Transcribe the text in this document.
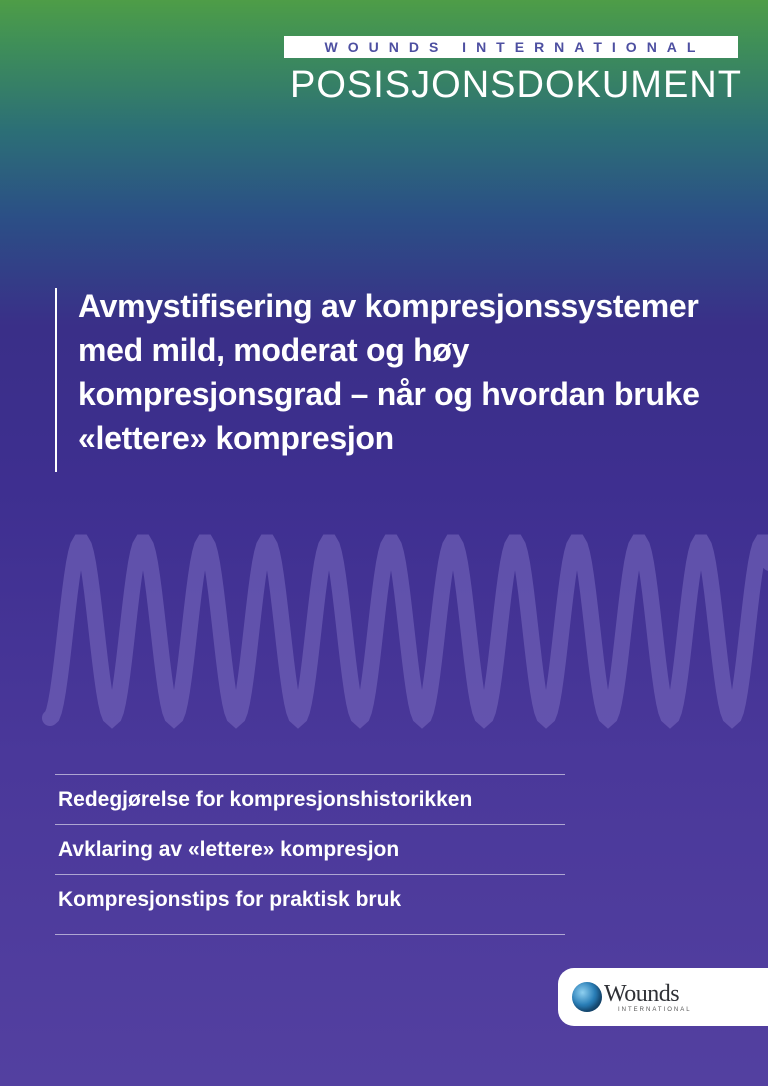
WOUNDS INTERNATIONAL
POSISJONSDOKUMENT
Avmystifisering av kompresjonssystemer
med mild, moderat og høy
kompresjonsgrad – når og hvordan bruke
«lettere» kompresjon
Redegjørelse for kompresjonshistorikken
Avklaring av «lettere» kompresjon
Kompresjonstips for praktisk bruk
Wounds
INTERNATIONAL
